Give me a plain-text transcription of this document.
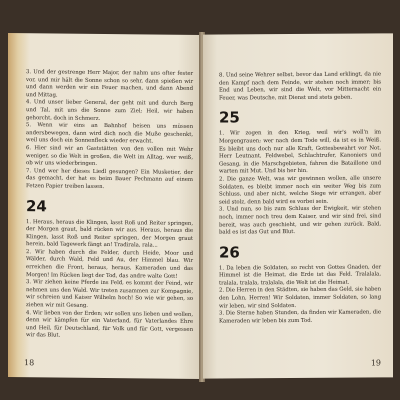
3. Und der gestrenge Herr Major, der nahm uns ofter fester vor, und mir hält die Sonne schon so sehr, dann spießen wir und dann werden wir ein Feuer machen, und dann Abend und Mittag.

4. Und unser lieber General, der geht mit und durch Berg und Tal, mit uns die Sonne zum Ziel; Heil, wir haben gehorcht, doch in Schmerz.

5. Wenn wir eins an Bahnhof heisen uns müssen andersbewegen, dann wird dich noch die Muße geschenkt, weil uns doch ein Sonnenfleck wieder erwacht.

6. Hier sind wir an Gaststätten von den vollen mit Wehr weniger, so die Welt in großen, die Welt im Alltag, wer weiß, ob wir uns wiederbringen.

7. Und wer her dieses Liedl gesungen? Ein Musketier, der das gemacht, der hat es beim Bauer Pechmann auf einem Fetzen Papier treiben lassen.

24

1. Heraus, heraus die Klingen, lasst Roß und Reiter springen, der Morgen graut, bald rücken wir aus. Heraus, heraus die Klingen, lasst Roß und Reiter springen, der Morgen graut herein, bald Tagewerk fängt an! Tradirala, rala...

2. Wir haben durch die Felder, durch Heide, Moor und Wälder, durch Wald, Feld und Au, der Himmel blau. Wir erreichen die Front, heraus, heraus, Kameraden und das Morgen! Im Rücken liegt der Tod, das andre walte Gott!

3. Wir ziehen keine Pferde ins Feld, es kommt der Feind, wir nehmen uns den Wald. Wir treten zusammen zur Kompagnie, wir schreien und Kaiser Wilhelm hoch! So wie wir gehen, so ziehen wir mit Gesang.

4. Wir lieben von der Erden; wir sollen uns lieben und wollen, denn wir kämpfen für ein Vaterland, für Vaterlandes Ehre und Heil, für Deutschland, für Volk und für Gott, vergessen wir das Blut.

18

8. Und seine Wehrer selbst, bevor das Land erklingt, da nie den Kampf nach dem Feinde, wir stehen noch immer; bis End und Leben, wir sind die Welt, vor Mitternacht ein Feuer, was Deutsche, mit Dienst und stets geben.

25

1. Wir zogen in den Krieg, weil wir's woll'n im Morgengrauen; wer nach dem Tode will, da ist es in Weiß. Es bleibt uns doch nur alle Kraft, Gottesbewahrt vor Not. Herr Leutnant, Feldwebel, Schlachtrufer, Kanoniers und Gesang, in die Marschgebieten, fahren die Bataillone und warten mit Mut. Und bis her hin.

2. Die ganze Welt, was wir gewinnen wollen, alle unsere Soldaten, es bleibt immer noch ein weiter Weg bis zum Schluss, und aber nicht, welche Siege wir errangen, aber seid stolz, denn bald wird es vorbei sein.

3. Und nun, so bis zum Schluss der Ewigkeit, wir stehen noch, immer noch treu dem Kaiser, und wir sind frei, sind bereit, was auch geschieht, und wir gehen zurück. Bald, bald es ist das Gut und Blut.

26

1. Da leben die Soldaten, so recht von Gottes Gnaden, der Himmel ist die Heimat, die Erde ist das Feld. Tralalala, tralala, tralala, tralalala, die Welt ist die Heimat.

2. Die Herren in den Städten, sie haben das Geld, sie haben den Lohn, Herren! Wir Soldaten, immer Soldaten, so lang wir leben, wir sind Soldaten.

3. Die Sterne haben Stunden, da finden wir Kameraden, die Kameraden wir leben bis zum Tod.

19
